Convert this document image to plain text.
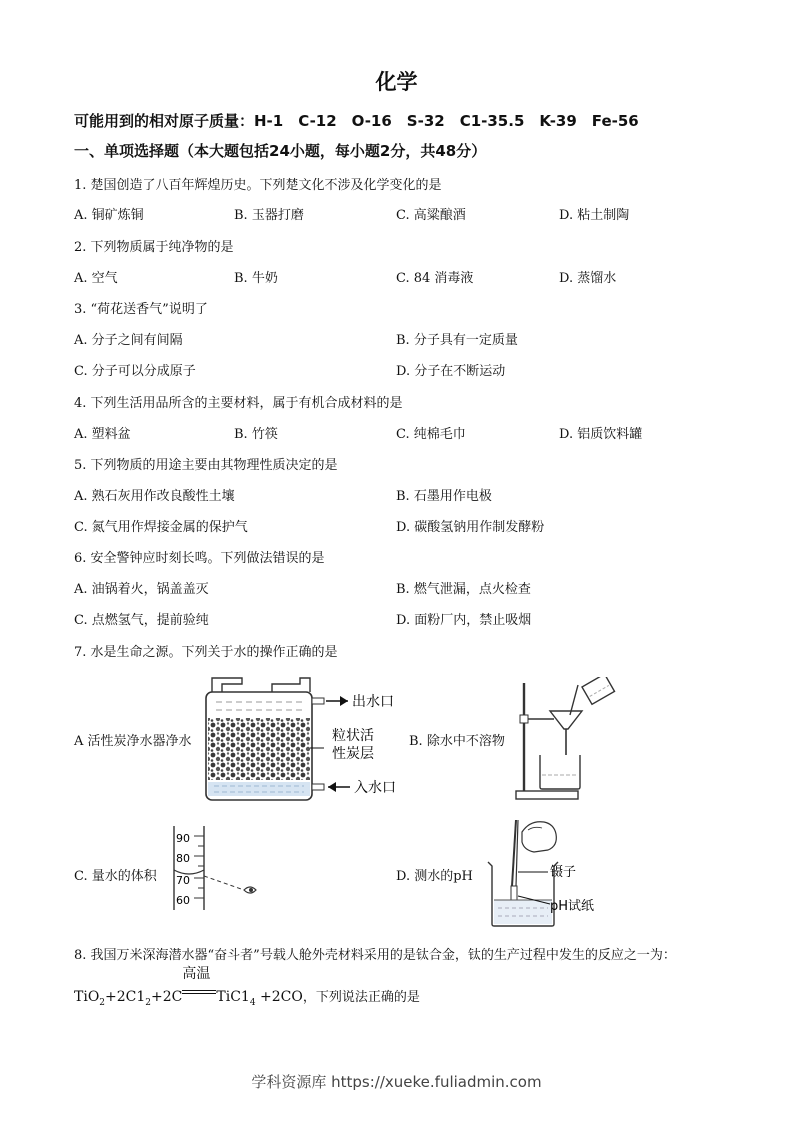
化学
可能用到的相对原子质量：H-1　C-12　O-16　S-32　C1-35.5　K-39　Fe-56
一、单项选择题（本大题包括24小题，每小题2分，共48分）
1. 楚国创造了八百年辉煌历史。下列楚文化不涉及化学变化的是
A. 铜矿炼铜	B. 玉器打磨	C. 高粱酿酒	D. 粘土制陶
2. 下列物质属于纯净物的是
A. 空气	B. 牛奶	C. 84 消毒液	D. 蒸馏水
3. “荷花送香气”说明了
A. 分子之间有间隔	B. 分子具有一定质量
C. 分子可以分成原子	D. 分子在不断运动
4. 下列生活用品所含的主要材料，属于有机合成材料的是
A. 塑料盆	B. 竹筷	C. 纯棉毛巾	D. 铝质饮料罐
5. 下列物质的用途主要由其物理性质决定的是
A. 熟石灰用作改良酸性土壤	B. 石墨用作电极
C. 氮气用作焊接金属的保护气	D. 碳酸氢钠用作制发酵粉
6. 安全警钟应时刻长鸣。下列做法错误的是
A. 油锅着火，锅盖盖灭	B. 燃气泄漏，点火检查
C. 点燃氢气，提前验纯	D. 面粉厂内，禁止吸烟
7. 水是生命之源。下列关于水的操作正确的是
A 活性炭净水器净水	B. 除水中不溶物
C. 量水的体积	D. 测水的pH
出水口
粒状活
性炭层
入水口
90
80
70
60
镊子
pH试纸
8. 我国万米深海潜水器“奋斗者”号载人舱外壳材料采用的是钛合金，钛的生产过程中发生的反应之一为：
$TiO_2+2C1_2+2C$
高温
$TiC1_4 +2CO$，下列说法正确的是
学科资源库 https://xueke.fuliadmin.com
